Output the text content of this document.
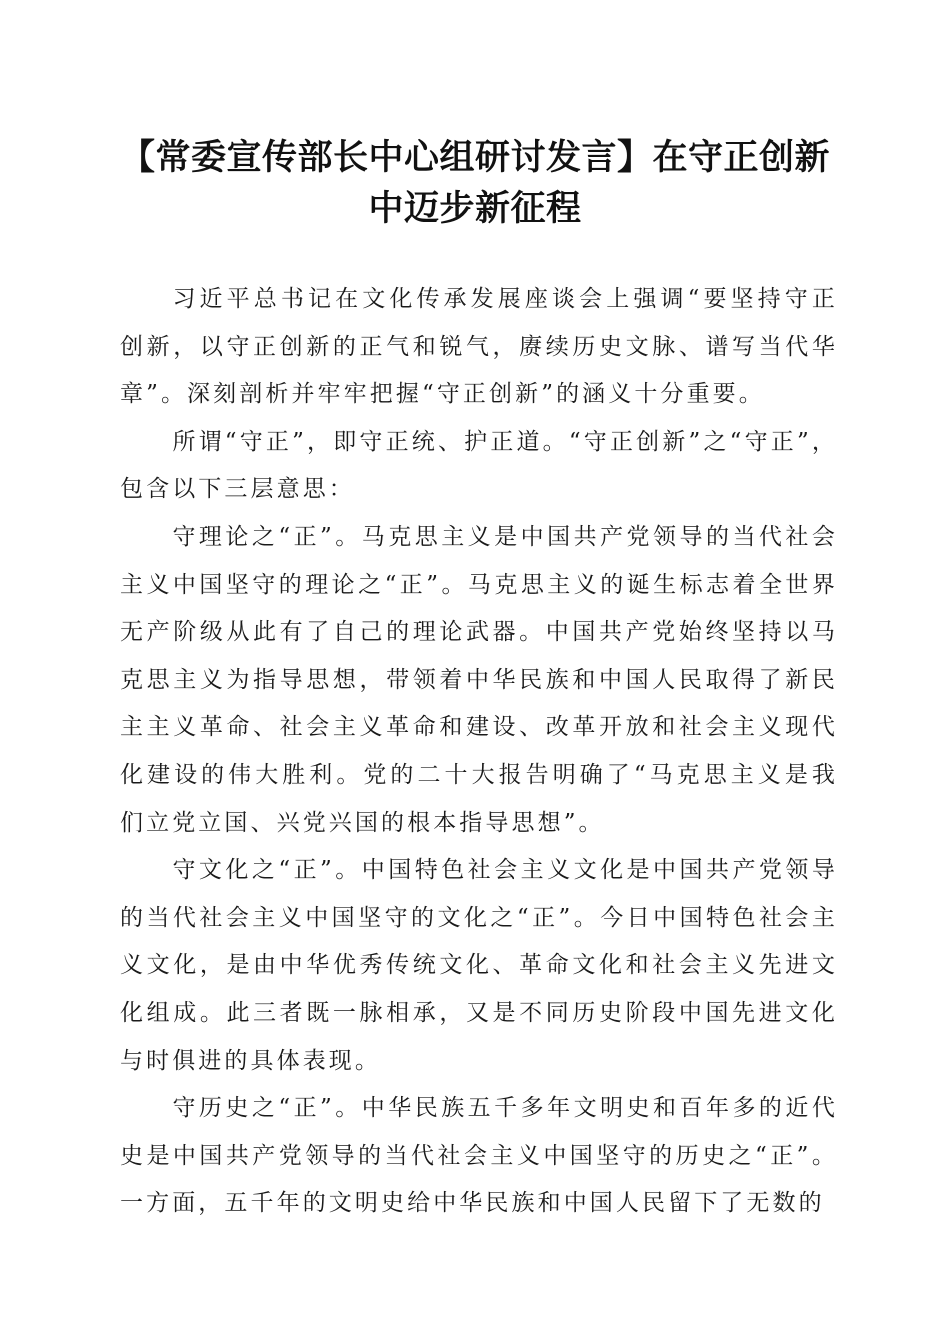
【常委宣传部长中心组研讨发言】在守正创新
中迈步新征程

习近平总书记在文化传承发展座谈会上强调“要坚持守正创新，以守正创新的正气和锐气，赓续历史文脉、谱写当代华章”。深刻剖析并牢牢把握“守正创新”的涵义十分重要。

所谓“守正”，即守正统、护正道。“守正创新”之“守正”，包含以下三层意思：

守理论之“正”。马克思主义是中国共产党领导的当代社会主义中国坚守的理论之“正”。马克思主义的诞生标志着全世界无产阶级从此有了自己的理论武器。中国共产党始终坚持以马克思主义为指导思想，带领着中华民族和中国人民取得了新民主主义革命、社会主义革命和建设、改革开放和社会主义现代化建设的伟大胜利。党的二十大报告明确了“马克思主义是我们立党立国、兴党兴国的根本指导思想”。

守文化之“正”。中国特色社会主义文化是中国共产党领导的当代社会主义中国坚守的文化之“正”。今日中国特色社会主义文化，是由中华优秀传统文化、革命文化和社会主义先进文化组成。此三者既一脉相承，又是不同历史阶段中国先进文化与时俱进的具体表现。

守历史之“正”。中华民族五千多年文明史和百年多的近代史是中国共产党领导的当代社会主义中国坚守的历史之“正”。一方面，五千年的文明史给中华民族和中国人民留下了无数的
